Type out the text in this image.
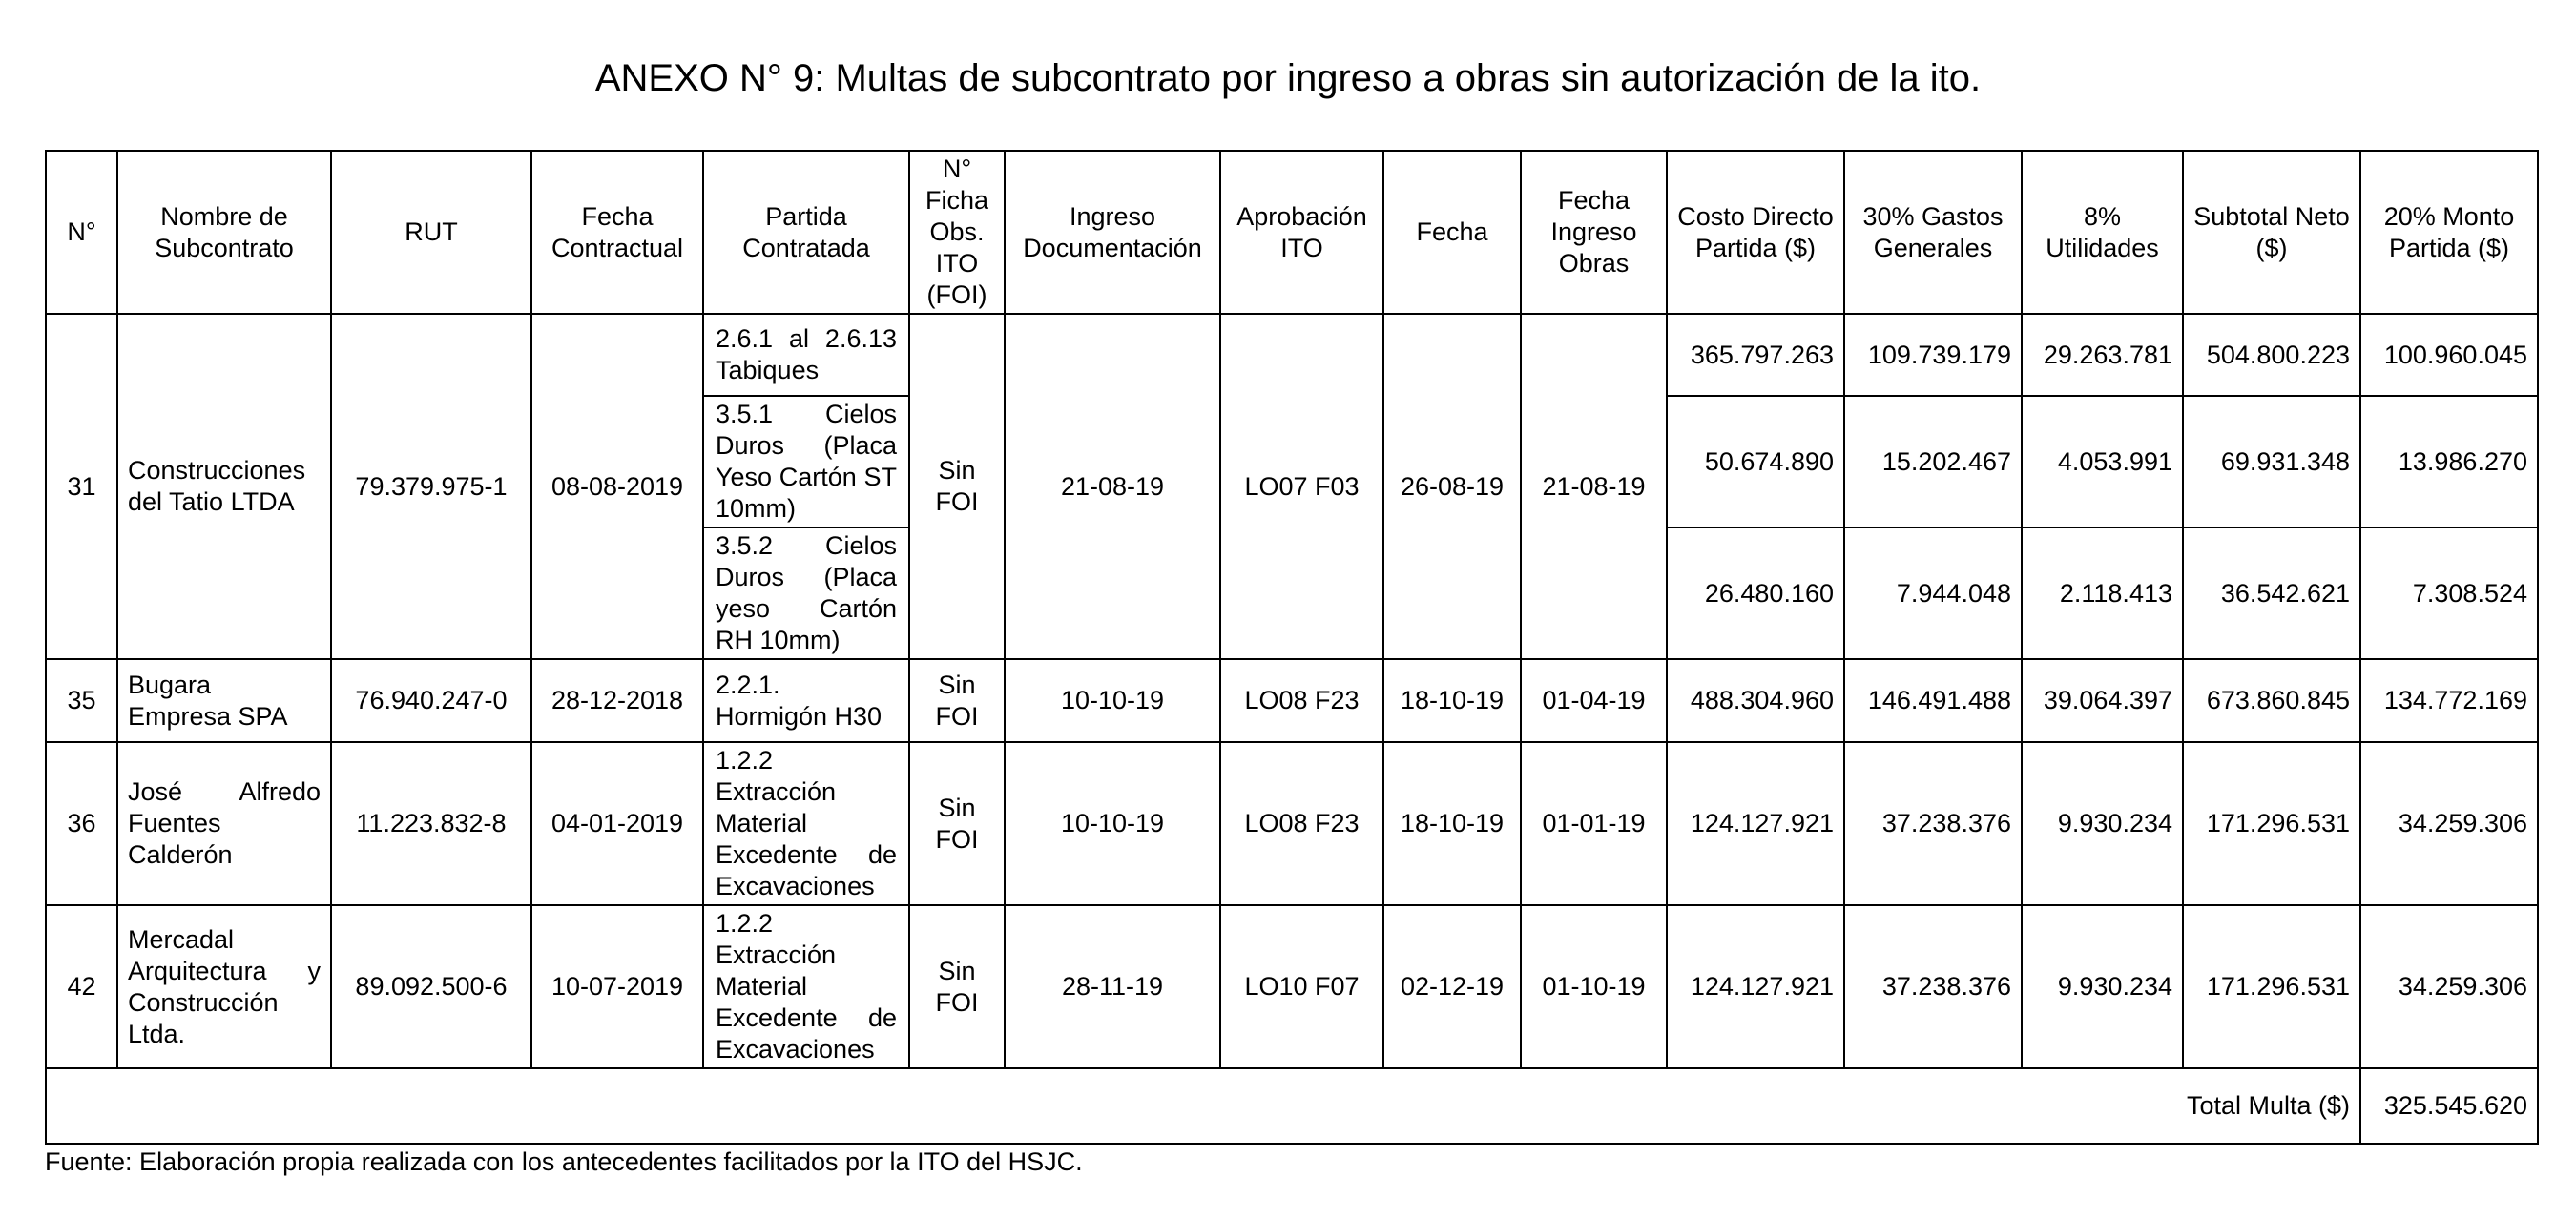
ANEXO N° 9: Multas de subcontrato por ingreso a obras sin autorización de la ito.
N°	Nombre de Subcontrato	RUT	Fecha Contractual	Partida Contratada	N° Ficha Obs. ITO (FOI)	Ingreso Documentación	Aprobación ITO	Fecha	Fecha Ingreso Obras	Costo Directo Partida ($)	30% Gastos Generales	8% Utilidades	Subtotal Neto ($)	20% Monto Partida ($)
31	Construcciones del Tatio LTDA	79.379.975-1	08-08-2019	2.6.1 al 2.6.13 Tabiques	Sin FOI	21-08-19	LO07 F03	26-08-19	21-08-19	365.797.263	109.739.179	29.263.781	504.800.223	100.960.045
				3.5.1 Cielos Duros (Placa Yeso Cartón ST 10mm)						50.674.890	15.202.467	4.053.991	69.931.348	13.986.270
				3.5.2 Cielos Duros (Placa yeso Cartón RH 10mm)						26.480.160	7.944.048	2.118.413	36.542.621	7.308.524
35	Bugara Empresa SPA	76.940.247-0	28-12-2018	2.2.1. Hormigón H30	Sin FOI	10-10-19	LO08 F23	18-10-19	01-04-19	488.304.960	146.491.488	39.064.397	673.860.845	134.772.169
36	José Alfredo Fuentes Calderón	11.223.832-8	04-01-2019	1.2.2 Extracción Material Excedente de Excavaciones	Sin FOI	10-10-19	LO08 F23	18-10-19	01-01-19	124.127.921	37.238.376	9.930.234	171.296.531	34.259.306
42	Mercadal Arquitectura y Construcción Ltda.	89.092.500-6	10-07-2019	1.2.2 Extracción Material Excedente de Excavaciones	Sin FOI	28-11-19	LO10 F07	02-12-19	01-10-19	124.127.921	37.238.376	9.930.234	171.296.531	34.259.306
Total Multa ($)														325.545.620
Fuente: Elaboración propia realizada con los antecedentes facilitados por la ITO del HSJC.
